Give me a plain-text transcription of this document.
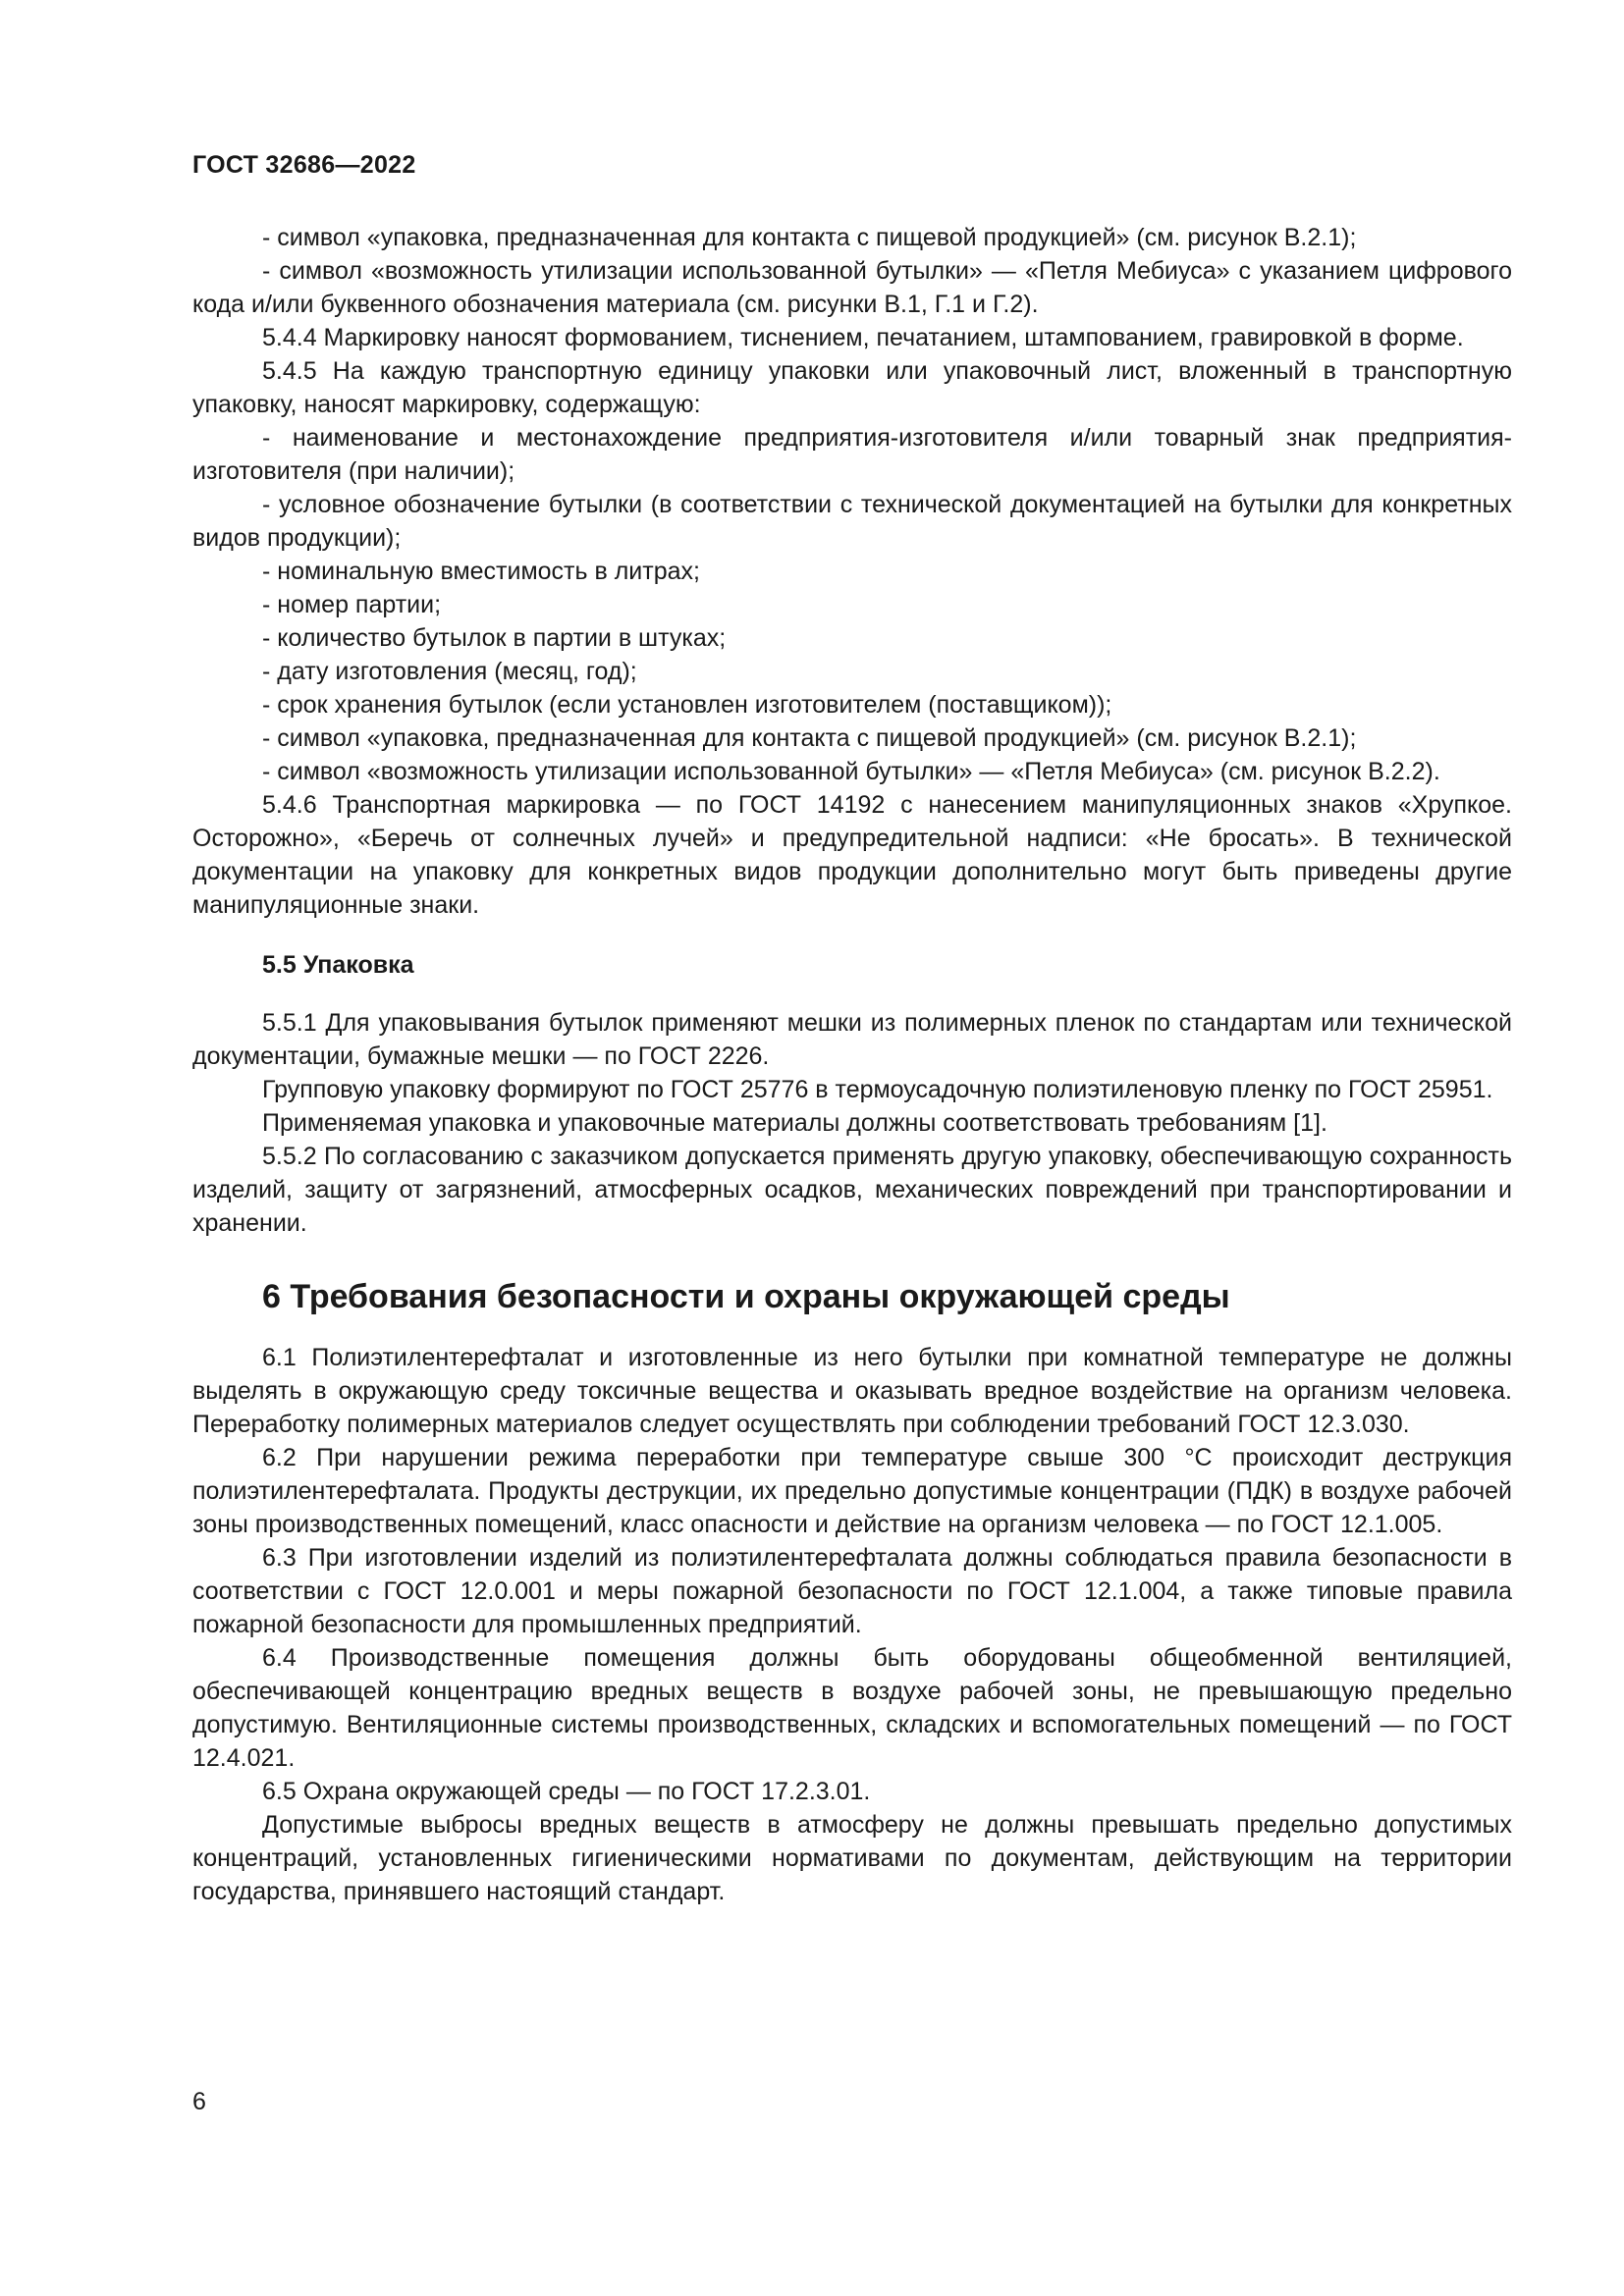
ГОСТ 32686—2022

- символ «упаковка, предназначенная для контакта с пищевой продукцией» (см. рисунок В.2.1);

- символ «возможность утилизации использованной бутылки» — «Петля Мебиуса» с указанием цифрового кода и/или буквенного обозначения материала (см. рисунки В.1, Г.1 и Г.2).

5.4.4 Маркировку наносят формованием, тиснением, печатанием, штампованием, гравировкой в форме.

5.4.5 На каждую транспортную единицу упаковки или упаковочный лист, вложенный в транспортную упаковку, наносят маркировку, содержащую:

- наименование и местонахождение предприятия-изготовителя и/или товарный знак предприятия-изготовителя (при наличии);

- условное обозначение бутылки (в соответствии с технической документацией на бутылки для конкретных видов продукции);

- номинальную вместимость в литрах;

- номер партии;

- количество бутылок в партии в штуках;

- дату изготовления (месяц, год);

- срок хранения бутылок (если установлен изготовителем (поставщиком));

- символ «упаковка, предназначенная для контакта с пищевой продукцией» (см. рисунок В.2.1);

- символ «возможность утилизации использованной бутылки» — «Петля Мебиуса» (см. рисунок В.2.2).

5.4.6 Транспортная маркировка — по ГОСТ 14192 с нанесением манипуляционных знаков «Хрупкое. Осторожно», «Беречь от солнечных лучей» и предупредительной надписи: «Не бросать». В технической документации на упаковку для конкретных видов продукции дополнительно могут быть приведены другие манипуляционные знаки.

5.5 Упаковка

5.5.1 Для упаковывания бутылок применяют мешки из полимерных пленок по стандартам или технической документации, бумажные мешки — по ГОСТ 2226.

Групповую упаковку формируют по ГОСТ 25776 в термоусадочную полиэтиленовую пленку по ГОСТ 25951.

Применяемая упаковка и упаковочные материалы должны соответствовать требованиям [1].

5.5.2 По согласованию с заказчиком допускается применять другую упаковку, обеспечивающую сохранность изделий, защиту от загрязнений, атмосферных осадков, механических повреждений при транспортировании и хранении.

6 Требования безопасности и охраны окружающей среды

6.1 Полиэтилентерефталат и изготовленные из него бутылки при комнатной температуре не должны выделять в окружающую среду токсичные вещества и оказывать вредное воздействие на организм человека. Переработку полимерных материалов следует осуществлять при соблюдении требований ГОСТ 12.3.030.

6.2 При нарушении режима переработки при температуре свыше 300 °С происходит деструкция полиэтилентерефталата. Продукты деструкции, их предельно допустимые концентрации (ПДК) в воздухе рабочей зоны производственных помещений, класс опасности и действие на организм человека — по ГОСТ 12.1.005.

6.3 При изготовлении изделий из полиэтилентерефталата должны соблюдаться правила безопасности в соответствии с ГОСТ 12.0.001 и меры пожарной безопасности по ГОСТ 12.1.004, а также типовые правила пожарной безопасности для промышленных предприятий.

6.4 Производственные помещения должны быть оборудованы общеобменной вентиляцией, обеспечивающей концентрацию вредных веществ в воздухе рабочей зоны, не превышающую предельно допустимую. Вентиляционные системы производственных, складских и вспомогательных помещений — по ГОСТ 12.4.021.

6.5 Охрана окружающей среды — по ГОСТ 17.2.3.01.

Допустимые выбросы вредных веществ в атмосферу не должны превышать предельно допустимых концентраций, установленных гигиеническими нормативами по документам, действующим на территории государства, принявшего настоящий стандарт.

6
